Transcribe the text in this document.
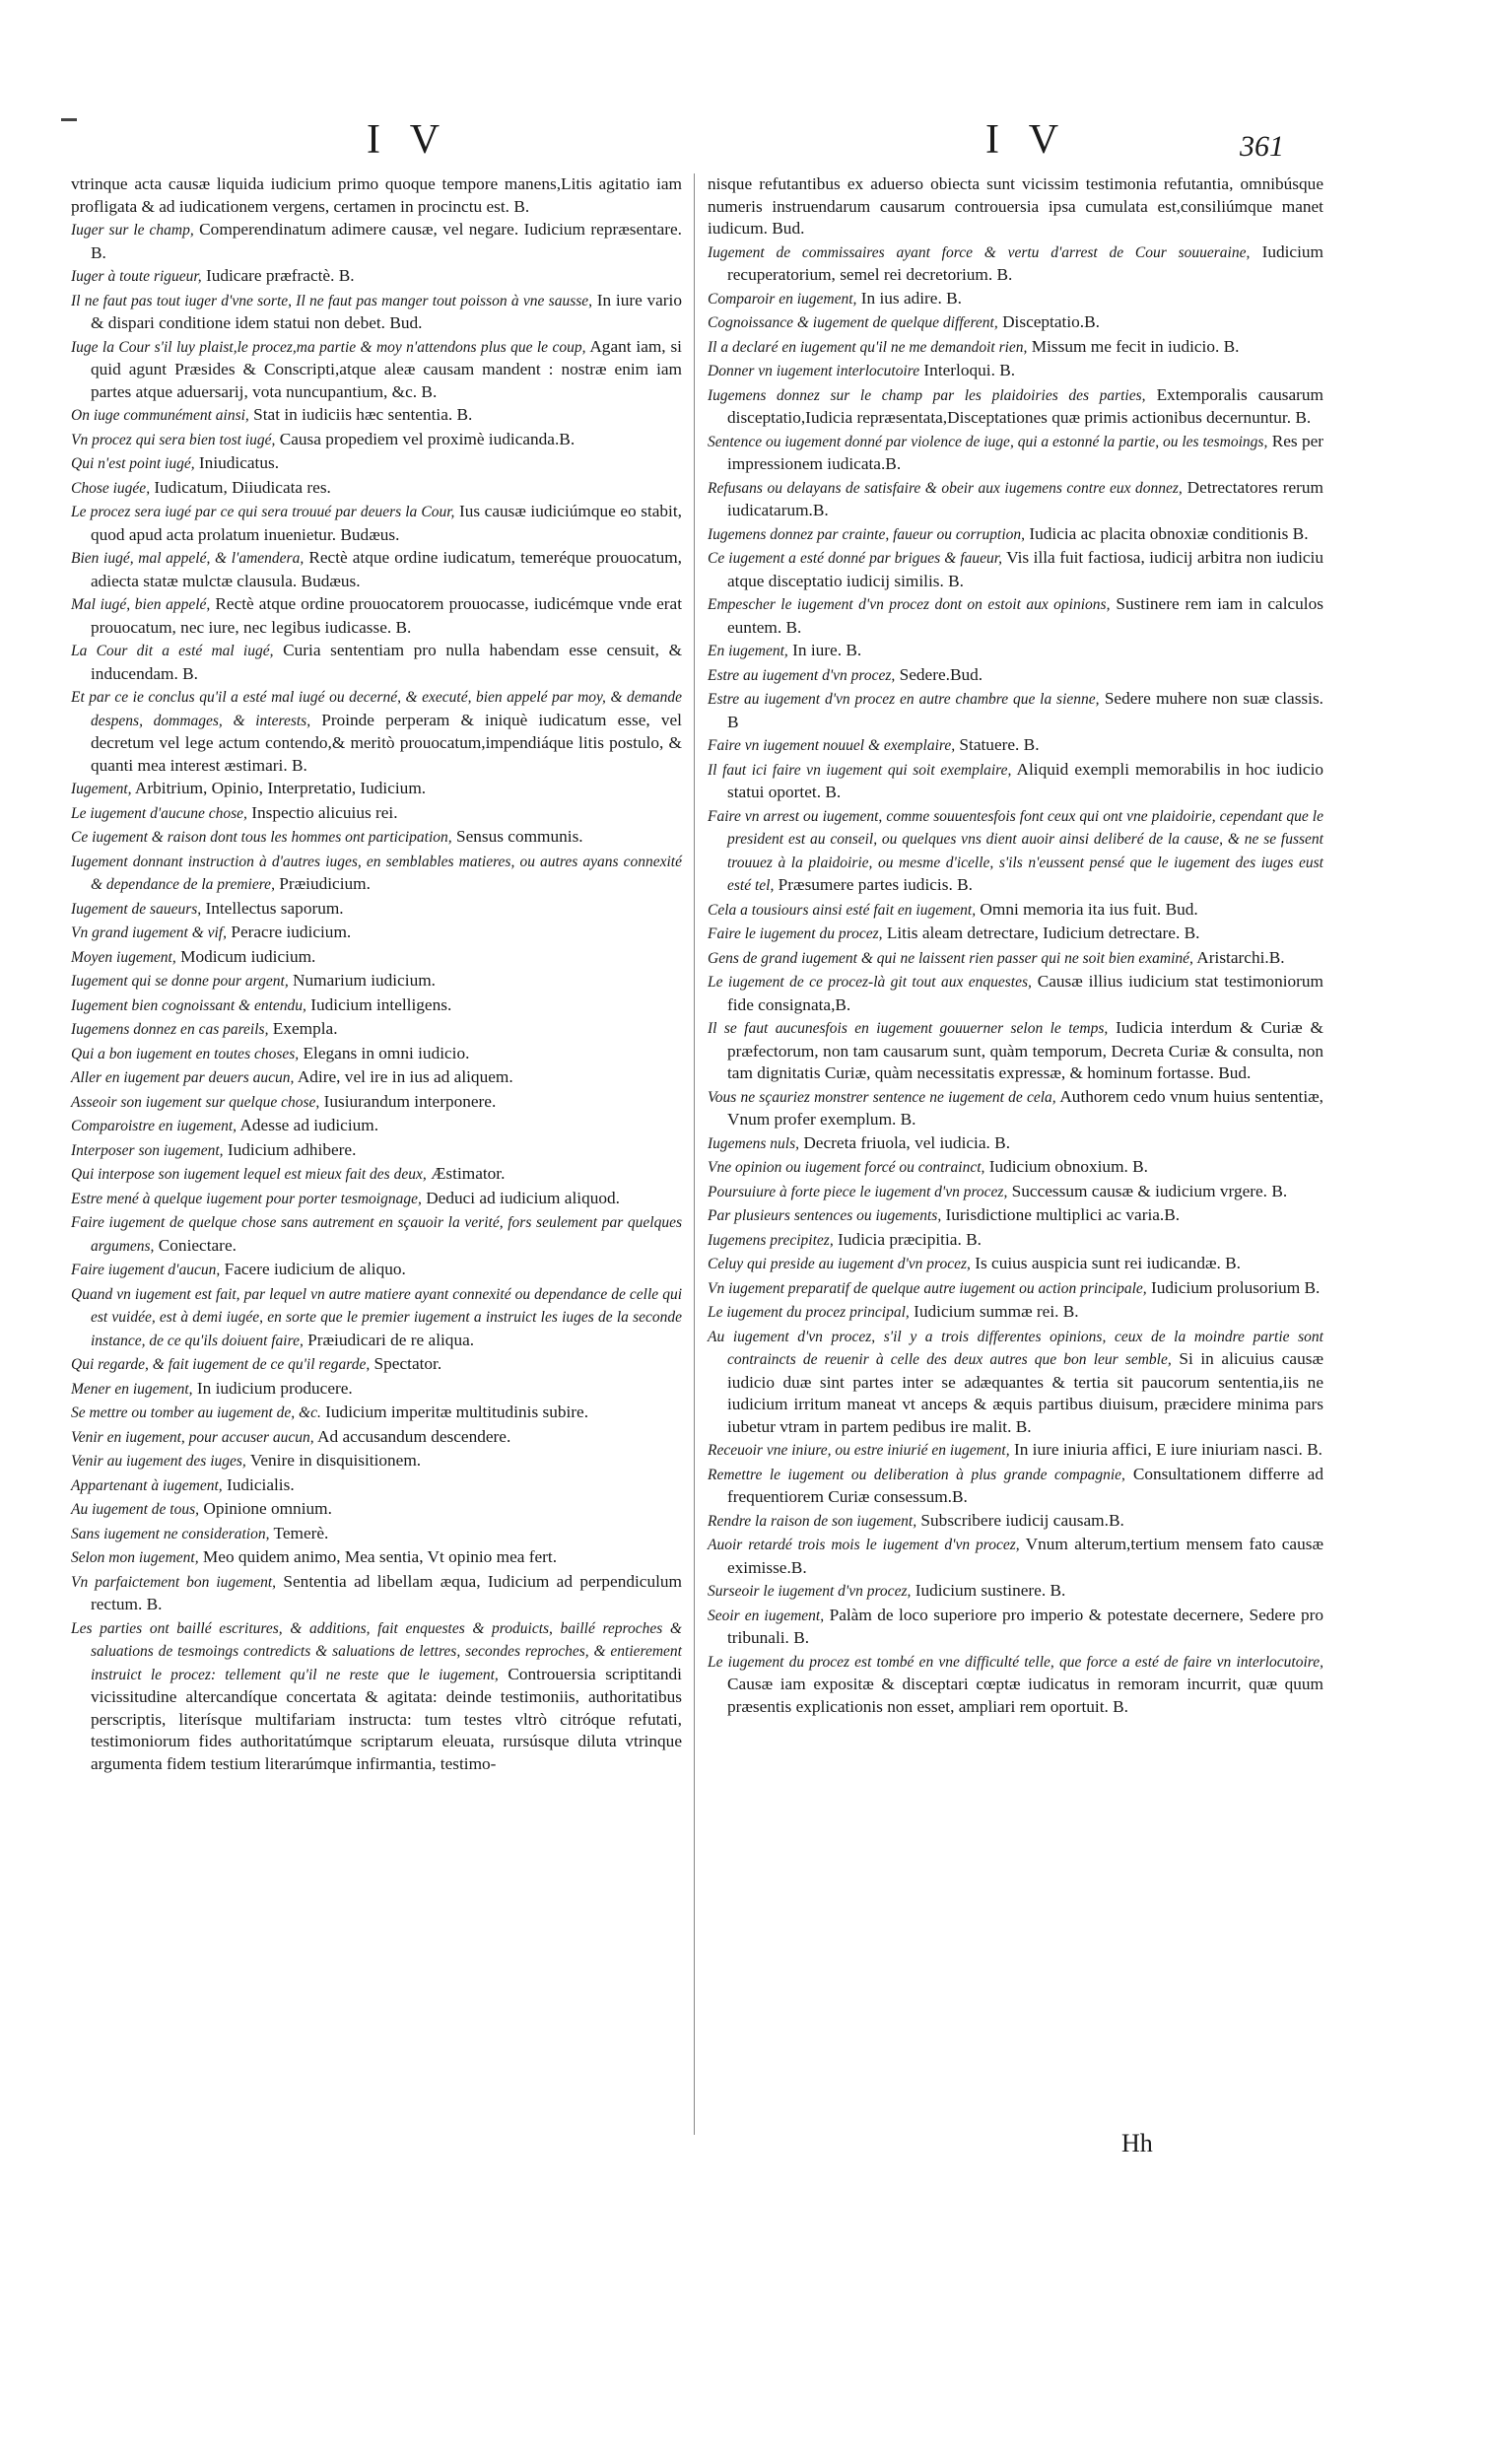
I V	I V	361

vtrinque acta causæ liquida iudicium primo quoque tempore manens,Litis agitatio iam profligata & ad iudicationem vergens, certamen in procinctu est. B.

Iuger sur le champ, Comperendinatum adimere causæ, vel negare. Iudicium repræsentare. B.

Iuger à toute rigueur, Iudicare præfractè. B.

Il ne faut pas tout iuger d'vne sorte, Il ne faut pas manger tout poisson à vne sausse, In iure vario & dispari conditione idem statui non debet. Bud.

Iuge la Cour s'il luy plaist,le procez,ma partie & moy n'attendons plus que le coup, Agant iam, si quid agunt Præsides & Conscripti,atque aleæ causam mandent : nostræ enim iam partes atque aduersarij, vota nuncupantium, &c. B.

On iuge communément ainsi, Stat in iudiciis hæc sententia. B.

Vn procez qui sera bien tost iugé, Causa propediem vel proximè iudicanda.B.

Qui n'est point iugé, Iniudicatus.

Chose iugée, Iudicatum, Diiudicata res.

Le procez sera iugé par ce qui sera trouué par deuers la Cour, Ius causæ iudiciúmque eo stabit, quod apud acta prolatum inuenietur. Budæus.

Bien iugé, mal appelé, & l'amendera, Rectè atque ordine iudicatum, temeréque prouocatum, adiecta statæ mulctæ clausula. Budæus.

Mal iugé, bien appelé, Rectè atque ordine prouocatorem prouocasse, iudicémque vnde erat prouocatum, nec iure, nec legibus iudicasse. B.

La Cour dit a esté mal iugé, Curia sententiam pro nulla habendam esse censuit, & inducendam. B.

Et par ce ie conclus qu'il a esté mal iugé ou decerné, & executé, bien appelé par moy, & demande despens, dommages, & interests, Proinde perperam & iniquè iudicatum esse, vel decretum vel lege actum contendo,& meritò prouocatum,impendiáque litis postulo, & quanti mea interest æstimari. B.

Iugement, Arbitrium, Opinio, Interpretatio, Iudicium.

Le iugement d'aucune chose, Inspectio alicuius rei.

Ce iugement & raison dont tous les hommes ont participation, Sensus communis.

Iugement donnant instruction à d'autres iuges, en semblables matieres, ou autres ayans connexité & dependance de la premiere, Præiudicium.

Iugement de saueurs, Intellectus saporum.

Vn grand iugement & vif, Peracre iudicium.

Moyen iugement, Modicum iudicium.

Iugement qui se donne pour argent, Numarium iudicium.

Iugement bien cognoissant & entendu, Iudicium intelligens.

Iugemens donnez en cas pareils, Exempla.

Qui a bon iugement en toutes choses, Elegans in omni iudicio.

Aller en iugement par deuers aucun, Adire, vel ire in ius ad aliquem.

Asseoir son iugement sur quelque chose, Iusiurandum interponere.

Comparoistre en iugement, Adesse ad iudicium.

Interposer son iugement, Iudicium adhibere.

Qui interpose son iugement lequel est mieux fait des deux, Æstimator.

Estre mené à quelque iugement pour porter tesmoignage, Deduci ad iudicium aliquod.

Faire iugement de quelque chose sans autrement en sçauoir la verité, fors seulement par quelques argumens, Coniectare.

Faire iugement d'aucun, Facere iudicium de aliquo.

Quand vn iugement est fait, par lequel vn autre matiere ayant connexité ou dependance de celle qui est vuidée, est à demi iugée, en sorte que le premier iugement a instruict les iuges de la seconde instance, de ce qu'ils doiuent faire, Præiudicari de re aliqua.

Qui regarde, & fait iugement de ce qu'il regarde, Spectator.

Mener en iugement, In iudicium producere.

Se mettre ou tomber au iugement de, &c. Iudicium imperitæ multitudinis subire.

Venir en iugement, pour accuser aucun, Ad accusandum descendere.

Venir au iugement des iuges, Venire in disquisitionem.

Appartenant à iugement, Iudicialis.

Au iugement de tous, Opinione omnium.

Sans iugement ne consideration, Temerè.

Selon mon iugement, Meo quidem animo, Mea sentia, Vt opinio mea fert.

Vn parfaictement bon iugement, Sententia ad libellam æqua, Iudicium ad perpendiculum rectum. B.

Les parties ont baillé escritures, & additions, fait enquestes & produicts, baillé reproches & saluations de tesmoings contredicts & saluations de lettres, secondes reproches, & entierement instruict le procez: tellement qu'il ne reste que le iugement, Controuersia scriptitandi vicissitudine altercandíque concertata & agitata: deinde testimoniis, authoritatibus perscriptis, literísque multifariam instructa: tum testes vltrò citróque refutati, testimoniorum fides authoritatúmque scriptarum eleuata, rursúsque diluta vtrinque argumenta fidem testium literarúmque infirmantia, testimo-

nisque refutantibus ex aduerso obiecta sunt vicissim testimonia refutantia, omnibúsque numeris instruendarum causarum controuersia ipsa cumulata est,consiliúmque manet iudicum. Bud.

Iugement de commissaires ayant force & vertu d'arrest de Cour souueraine, Iudicium recuperatorium, semel rei decretorium. B.

Comparoir en iugement, In ius adire. B.

Cognoissance & iugement de quelque different, Disceptatio.B.

Il a declaré en iugement qu'il ne me demandoit rien, Missum me fecit in iudicio. B.

Donner vn iugement interlocutoire Interloqui. B.

Iugemens donnez sur le champ par les plaidoiries des parties, Extemporalis causarum disceptatio,Iudicia repræsentata,Disceptationes quæ primis actionibus decernuntur. B.

Sentence ou iugement donné par violence de iuge, qui a estonné la partie, ou les tesmoings, Res per impressionem iudicata.B.

Refusans ou delayans de satisfaire & obeir aux iugemens contre eux donnez, Detrectatores rerum iudicatarum.B.

Iugemens donnez par crainte, faueur ou corruption, Iudicia ac placita obnoxiæ conditionis B.

Ce iugement a esté donné par brigues & faueur, Vis illa fuit factiosa, iudicij arbitra non iudiciu atque disceptatio iudicij similis. B.

Empescher le iugement d'vn procez dont on estoit aux opinions, Sustinere rem iam in calculos euntem. B.

En iugement, In iure. B.

Estre au iugement d'vn procez, Sedere.Bud.

Estre au iugement d'vn procez en autre chambre que la sienne, Sedere muhere non suæ classis. B

Faire vn iugement nouuel & exemplaire, Statuere. B.

Il faut ici faire vn iugement qui soit exemplaire, Aliquid exempli memorabilis in hoc iudicio statui oportet. B.

Faire vn arrest ou iugement, comme souuentesfois font ceux qui ont vne plaidoirie, cependant que le president est au conseil, ou quelques vns dient auoir ainsi deliberé de la cause, & ne se fussent trouuez à la plaidoirie, ou mesme d'icelle, s'ils n'eussent pensé que le iugement des iuges eust esté tel, Præsumere partes iudicis. B.

Cela a tousiours ainsi esté fait en iugement, Omni memoria ita ius fuit. Bud.

Faire le iugement du procez, Litis aleam detrectare, Iudicium detrectare. B.

Gens de grand iugement & qui ne laissent rien passer qui ne soit bien examiné, Aristarchi.B.

Le iugement de ce procez-là git tout aux enquestes, Causæ illius iudicium stat testimoniorum fide consignata,B.

Il se faut aucunesfois en iugement gouuerner selon le temps, Iudicia interdum & Curiæ & præfectorum, non tam causarum sunt, quàm temporum, Decreta Curiæ & consulta, non tam dignitatis Curiæ, quàm necessitatis expressæ, & hominum fortasse. Bud.

Vous ne sçauriez monstrer sentence ne iugement de cela, Authorem cedo vnum huius sententiæ, Vnum profer exemplum. B.

Iugemens nuls, Decreta friuola, vel iudicia. B.

Vne opinion ou iugement forcé ou contrainct, Iudicium obnoxium. B.

Poursuiure à forte piece le iugement d'vn procez, Successum causæ & iudicium vrgere. B.

Par plusieurs sentences ou iugements, Iurisdictione multiplici ac varia.B.

Iugemens precipitez, Iudicia præcipitia. B.

Celuy qui preside au iugement d'vn procez, Is cuius auspicia sunt rei iudicandæ. B.

Vn iugement preparatif de quelque autre iugement ou action principale, Iudicium prolusorium B.

Le iugement du procez principal, Iudicium summæ rei. B.

Au iugement d'vn procez, s'il y a trois differentes opinions, ceux de la moindre partie sont contraincts de reuenir à celle des deux autres que bon leur semble, Si in alicuius causæ iudicio duæ sint partes inter se adæquantes & tertia sit paucorum sententia,iis ne iudicium irritum maneat vt anceps & æquis partibus diuisum, præcidere minima pars iubetur vtram in partem pedibus ire malit. B.

Receuoir vne iniure, ou estre iniurié en iugement, In iure iniuria affici, E iure iniuriam nasci. B.

Remettre le iugement ou deliberation à plus grande compagnie, Consultationem differre ad frequentiorem Curiæ consessum.B.

Rendre la raison de son iugement, Subscribere iudicij causam.B.

Auoir retardé trois mois le iugement d'vn procez, Vnum alterum,tertium mensem fato causæ eximisse.B.

Surseoir le iugement d'vn procez, Iudicium sustinere. B.

Seoir en iugement, Palàm de loco superiore pro imperio & potestate decernere, Sedere pro tribunali. B.

Le iugement du procez est tombé en vne difficulté telle, que force a esté de faire vn interlocutoire, Causæ iam expositæ & disceptari cœptæ iudicatus in remoram incurrit, quæ quum præsentis explicationis non esset, ampliari rem oportuit. B.

Hh
